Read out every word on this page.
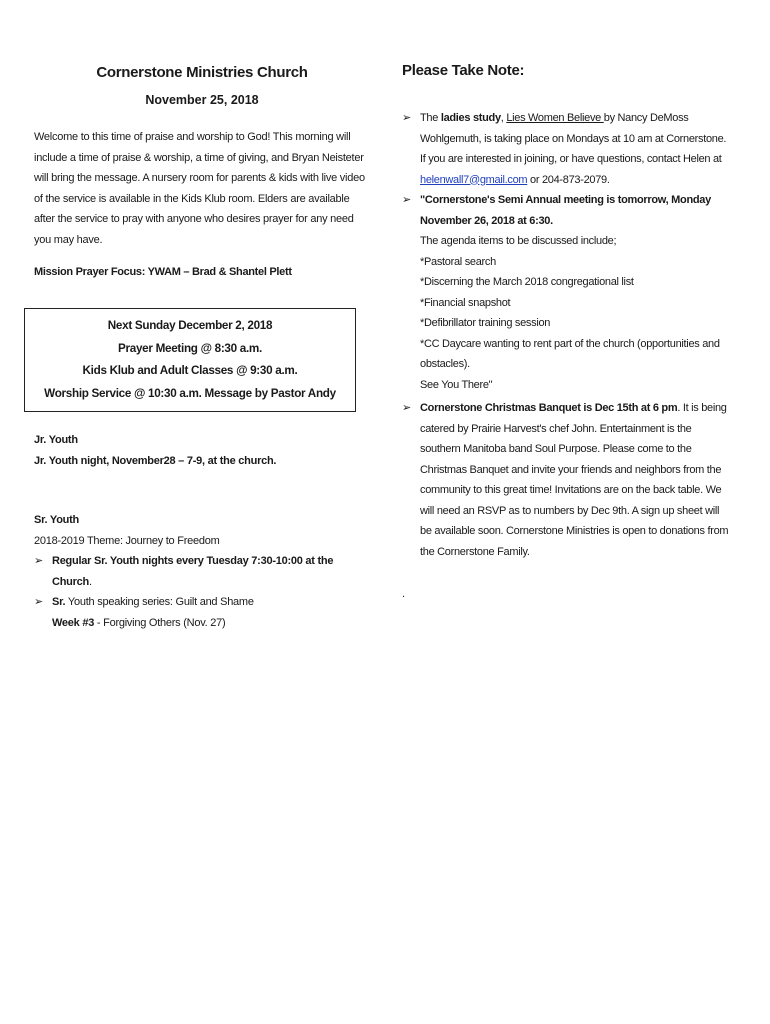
Cornerstone Ministries Church

November 25, 2018

Welcome to this time of praise and worship to God! This morning will include a time of praise & worship, a time of giving, and Bryan Neisteter will bring the message. A nursery room for parents & kids with live video of the service is available in the Kids Klub room. Elders are available after the service to pray with anyone who desires prayer for any need you may have.

Mission Prayer Focus: YWAM – Brad & Shantel Plett

Next Sunday December 2, 2018

Prayer Meeting @ 8:30 a.m.

Kids Klub and Adult Classes @ 9:30 a.m.

Worship Service @ 10:30 a.m. Message by Pastor Andy

Jr. Youth

Jr. Youth night, November28 – 7-9, at the church.

Sr. Youth

2018-2019 Theme: Journey to Freedom

➢ Regular Sr. Youth nights every Tuesday 7:30-10:00 at the Church.

➢ Sr. Youth speaking series: Guilt and Shame

Week #3 - Forgiving Others (Nov. 27)

Please Take Note:
➢ The ladies study, Lies Women Believe by Nancy DeMoss Wohlgemuth, is taking place on Mondays at 10 am at Cornerstone. If you are interested in joining, or have questions, contact Helen at helenwall7@gmail.com or 204-873-2079.
➢ "Cornerstone's Semi Annual meeting is tomorrow, Monday November 26, 2018 at 6:30.

The agenda items to be discussed include;

*Pastoral search

*Discerning the March 2018 congregational list

*Financial snapshot

*Defibrillator training session

*CC Daycare wanting to rent part of the church (opportunities and obstacles).

See You There"

➢ Cornerstone Christmas Banquet is Dec 15th at 6 pm. It is being catered by Prairie Harvest's chef John. Entertainment is the southern Manitoba band Soul Purpose. Please come to the Christmas Banquet and invite your friends and neighbors from the community to this great time! Invitations are on the back table. We will need an RSVP as to numbers by Dec 9th. A sign up sheet will be available soon. Cornerstone Ministries is open to donations from the Cornerstone Family.
.
